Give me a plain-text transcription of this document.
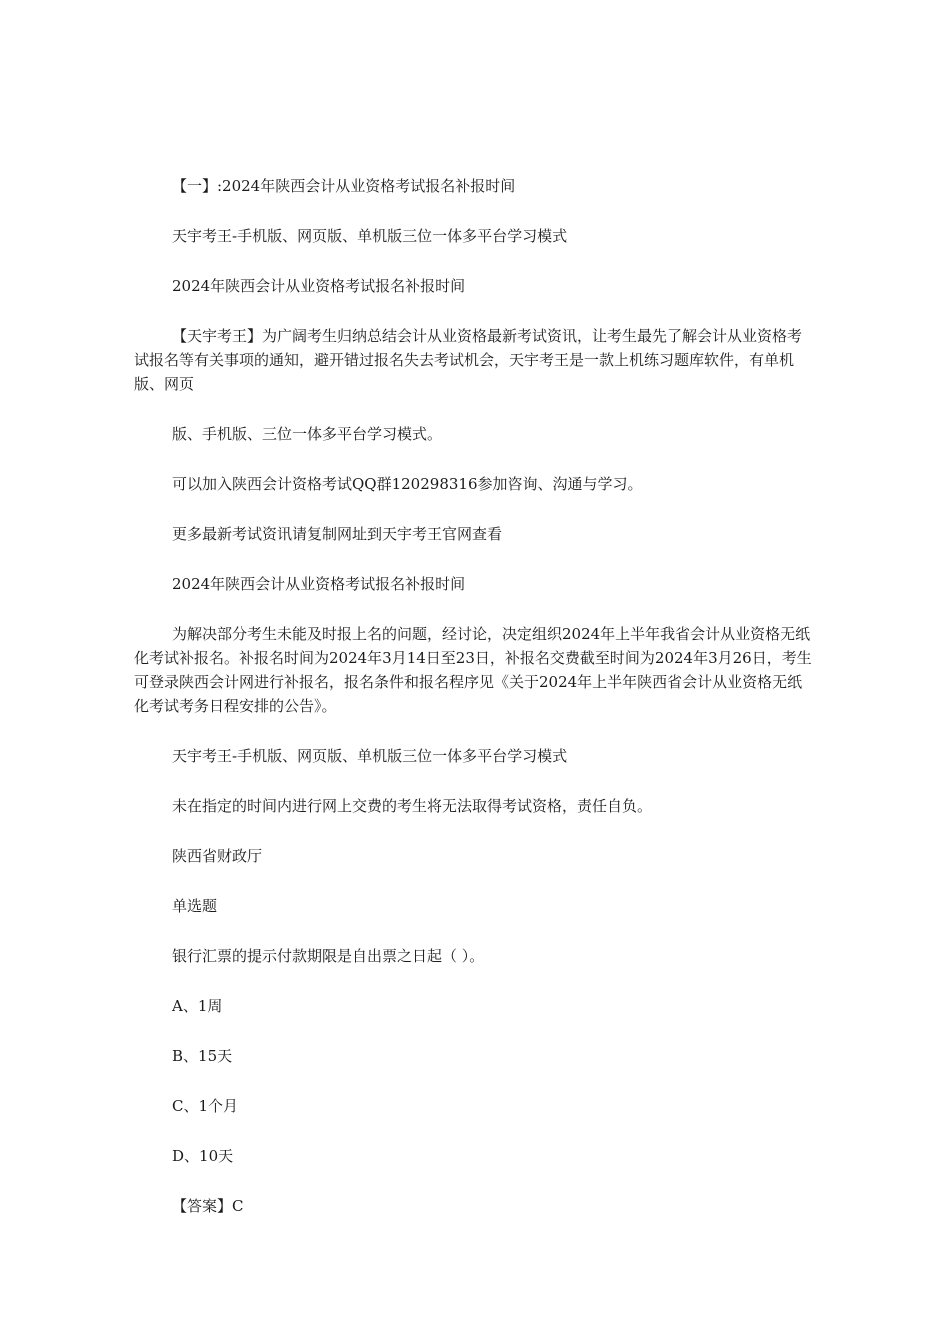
【一】:2024年陕西会计从业资格考试报名补报时间

天宇考王-手机版、网页版、单机版三位一体多平台学习模式

2024年陕西会计从业资格考试报名补报时间

【天宇考王】为广阔考生归纳总结会计从业资格最新考试资讯，让考生最先了解会计从业资格考试报名等有关事项的通知，避开错过报名失去考试机会，天宇考王是一款上机练习题库软件，有单机版、网页

版、手机版、三位一体多平台学习模式。

可以加入陕西会计资格考试QQ群120298316参加咨询、沟通与学习。

更多最新考试资讯请复制网址到天宇考王官网查看

2024年陕西会计从业资格考试报名补报时间

为解决部分考生未能及时报上名的问题，经讨论，决定组织2024年上半年我省会计从业资格无纸化考试补报名。补报名时间为2024年3月14日至23日，补报名交费截至时间为2024年3月26日，考生可登录陕西会计网进行补报名，报名条件和报名程序见《关于2024年上半年陕西省会计从业资格无纸化考试考务日程安排的公告》。

天宇考王-手机版、网页版、单机版三位一体多平台学习模式

未在指定的时间内进行网上交费的考生将无法取得考试资格，责任自负。

陕西省财政厅

单选题

银行汇票的提示付款期限是自出票之日起（ ）。

A、1周

B、15天

C、1个月

D、10天

【答案】C
